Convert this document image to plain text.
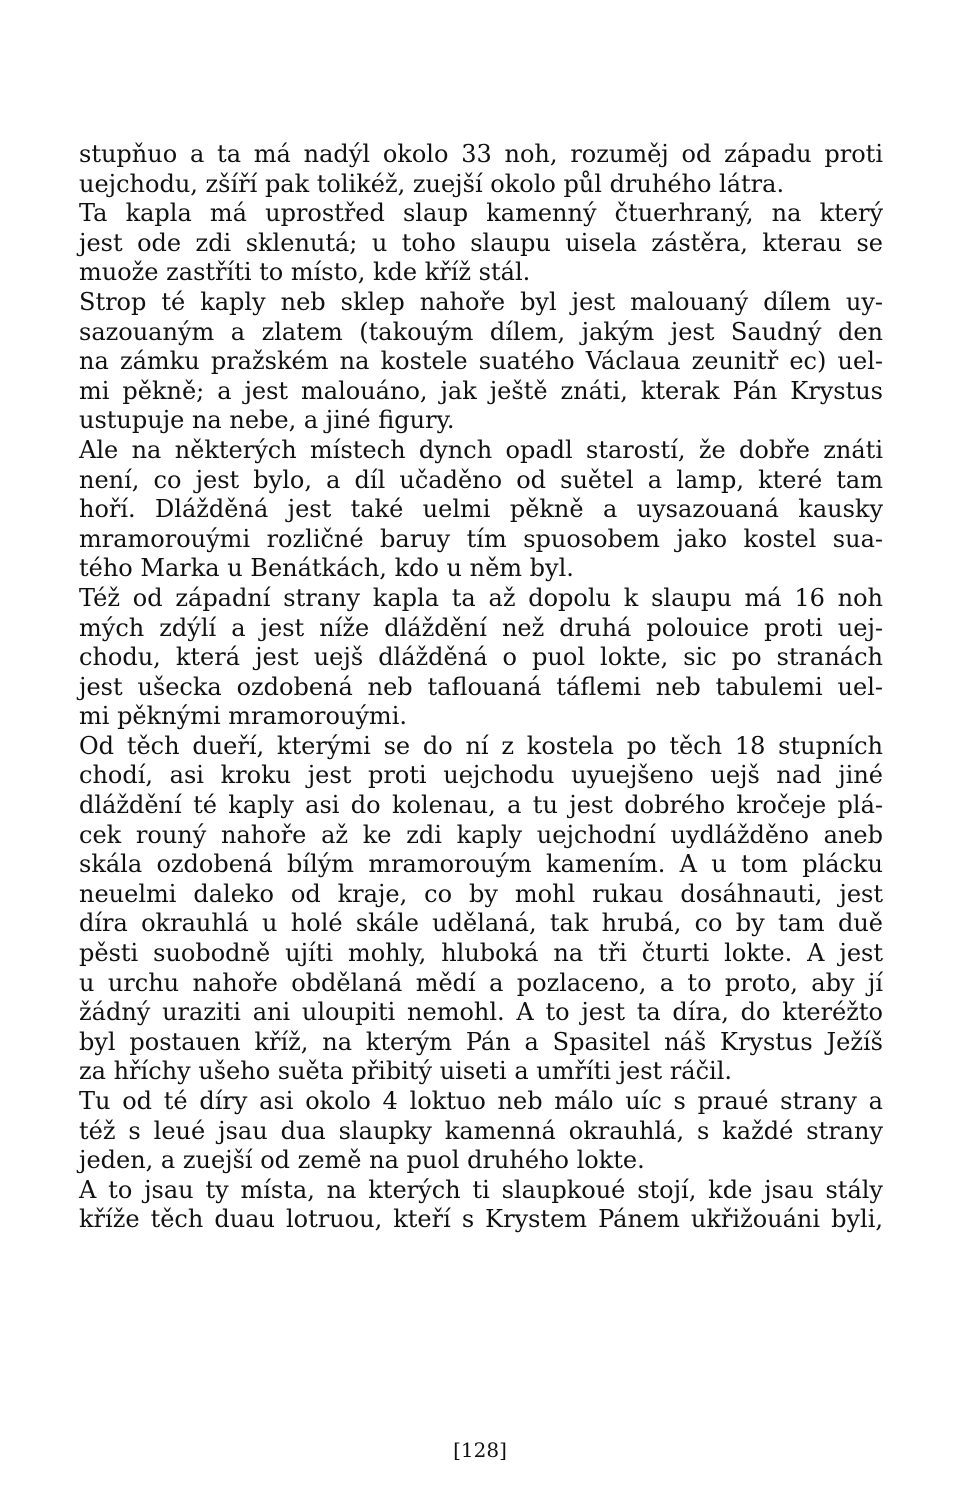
stupňuo a ta má nadýl okolo 33 noh, rozuměj od západu proti
uejchodu, zšíří pak tolikéž, zuejší okolo půl druhého látra.
Ta kapla má uprostřed slaup kamenný čtuerhraný, na který
jest ode zdi sklenutá; u toho slaupu uisela zástěra, kterau se
muože zastříti to místo, kde kříž stál.
Strop té kaply neb sklep nahoře byl jest malouaný dílem uy-
sazouaným a zlatem (takouým dílem, jakým jest Saudný den
na zámku pražském na kostele suatého Václaua zeunitř ec) uel-
mi pěkně; a jest malouáno, jak ještě znáti, kterak Pán Krystus
ustupuje na nebe, a jiné figury.
Ale na některých místech dynch opadl starostí, že dobře znáti
není, co jest bylo, a díl učaděno od suětel a lamp, které tam
hoří. Dlážděná jest také uelmi pěkně a uysazouaná kausky
mramorouými rozličné baruy tím spuosobem jako kostel sua-
tého Marka u Benátkách, kdo u něm byl.
Též od západní strany kapla ta až dopolu k slaupu má 16 noh
mých zdýlí a jest níže dláždění než druhá polouice proti uej-
chodu, která jest uejš dlážděná o puol lokte, sic po stranách
jest ušecka ozdobená neb taflouaná táflemi neb tabulemi uel-
mi pěknými mramorouými.
Od těch dueří, kterými se do ní z kostela po těch 18 stupních
chodí, asi kroku jest proti uejchodu uyuejšeno uejš nad jiné
dláždění té kaply asi do kolenau, a tu jest dobrého kročeje plá-
cek rouný nahoře až ke zdi kaply uejchodní uydlážděno aneb
skála ozdobená bílým mramorouým kamením. A u tom plácku
neuelmi daleko od kraje, co by mohl rukau dosáhnauti, jest
díra okrauhlá u holé skále udělaná, tak hrubá, co by tam duě
pěsti suobodně ujíti mohly, hluboká na tři čturti lokte. A jest
u urchu nahoře obdělaná mědí a pozlaceno, a to proto, aby jí
žádný uraziti ani uloupiti nemohl. A to jest ta díra, do kteréžto
byl postauen kříž, na kterým Pán a Spasitel náš Krystus Ježíš
za hříchy ušeho suěta přibitý uiseti a umříti jest ráčil.
Tu od té díry asi okolo 4 loktuo neb málo uíc s praué strany a
též s leué jsau dua slaupky kamenná okrauhlá, s každé strany
jeden, a zuejší od země na puol druhého lokte.
A to jsau ty místa, na kterých ti slaupkoué stojí, kde jsau stály
kříže těch duau lotruou, kteří s Krystem Pánem ukřižouáni byli,
[128]
